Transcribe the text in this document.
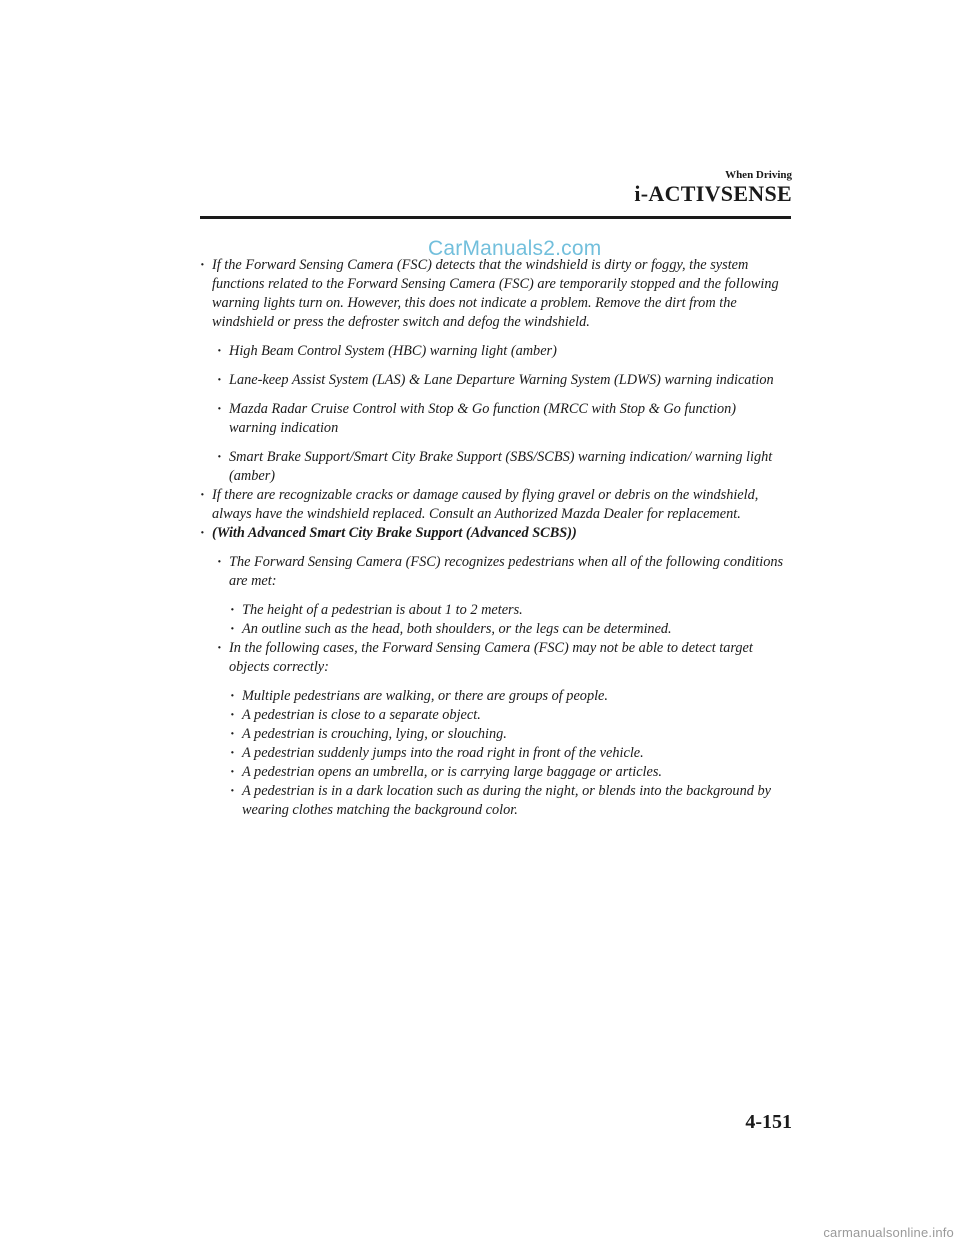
When Driving
i-ACTIVSENSE
· If the Forward Sensing Camera (FSC) detects that the windshield is dirty or foggy, the system functions related to the Forward Sensing Camera (FSC) are temporarily stopped and the following warning lights turn on. However, this does not indicate a problem. Remove the dirt from the windshield or press the defroster switch and defog the windshield.
· High Beam Control System (HBC) warning light (amber)
· Lane-keep Assist System (LAS) & Lane Departure Warning System (LDWS) warning indication
· Mazda Radar Cruise Control with Stop & Go function (MRCC with Stop & Go function) warning indication
· Smart Brake Support/Smart City Brake Support (SBS/SCBS) warning indication/ warning light (amber)
· If there are recognizable cracks or damage caused by flying gravel or debris on the windshield, always have the windshield replaced. Consult an Authorized Mazda Dealer for replacement.
· (With Advanced Smart City Brake Support (Advanced SCBS))
· The Forward Sensing Camera (FSC) recognizes pedestrians when all of the following conditions are met:
· The height of a pedestrian is about 1 to 2 meters.
· An outline such as the head, both shoulders, or the legs can be determined.
· In the following cases, the Forward Sensing Camera (FSC) may not be able to detect target objects correctly:
· Multiple pedestrians are walking, or there are groups of people.
· A pedestrian is close to a separate object.
· A pedestrian is crouching, lying, or slouching.
· A pedestrian suddenly jumps into the road right in front of the vehicle.
· A pedestrian opens an umbrella, or is carrying large baggage or articles.
· A pedestrian is in a dark location such as during the night, or blends into the background by wearing clothes matching the background color.
4-151
CarManuals2.com
carmanualsonline.info
